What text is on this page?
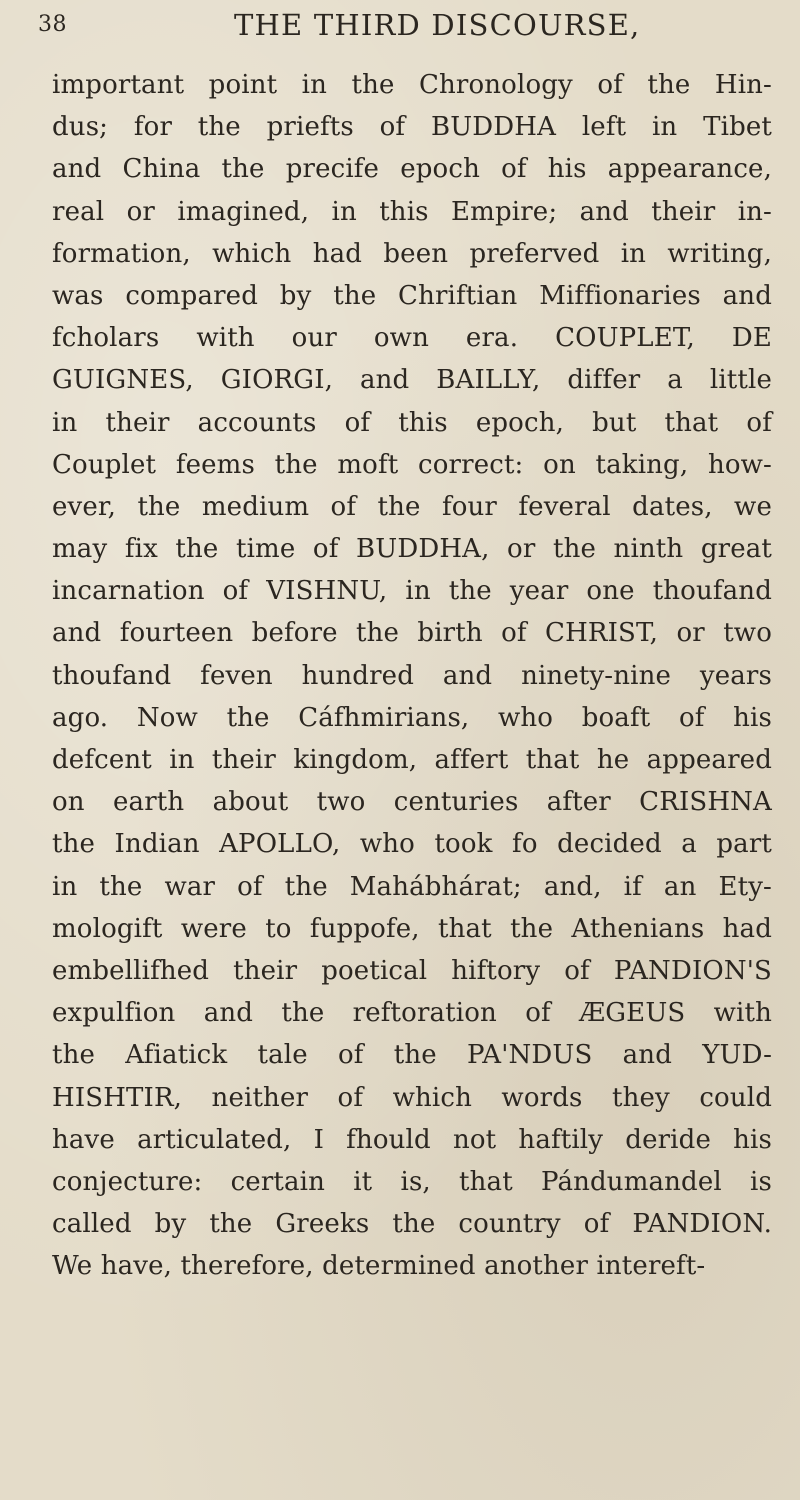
38	THE THIRD DISCOURSE,
important point in the Chronology of the Hin-
dus; for the priefts of BUDDHA left in Tibet
and China the precife epoch of his appearance,
real or imagined, in this Empire; and their in-
formation, which had been preferved in writing,
was compared by the Chriftian Miffionaries and
fcholars with our own era. COUPLET, DE
GUIGNES, GIORGI, and BAILLY, differ a little
in their accounts of this epoch, but that of
Couplet feems the moft correct: on taking, how-
ever, the medium of the four feveral dates, we
may fix the time of BUDDHA, or the ninth great
incarnation of VISHNU, in the year one thoufand
and fourteen before the birth of CHRIST, or two
thoufand feven hundred and ninety-nine years
ago. Now the Cáfhmirians, who boaft of his
defcent in their kingdom, affert that he appeared
on earth about two centuries after CRISHNA
the Indian APOLLO, who took fo decided a part
in the war of the Mahábhárat; and, if an Ety-
mologift were to fuppofe, that the Athenians had
embellifhed their poetical hiftory of PANDION'S
expulfion and the reftoration of ÆGEUS with
the Afiatick tale of the PA'NDUS and YUD-
HISHTIR, neither of which words they could
have articulated, I fhould not haftily deride his
conjecture: certain it is, that Pándumandel is
called by the Greeks the country of PANDION.
We have, therefore, determined another intereft-
